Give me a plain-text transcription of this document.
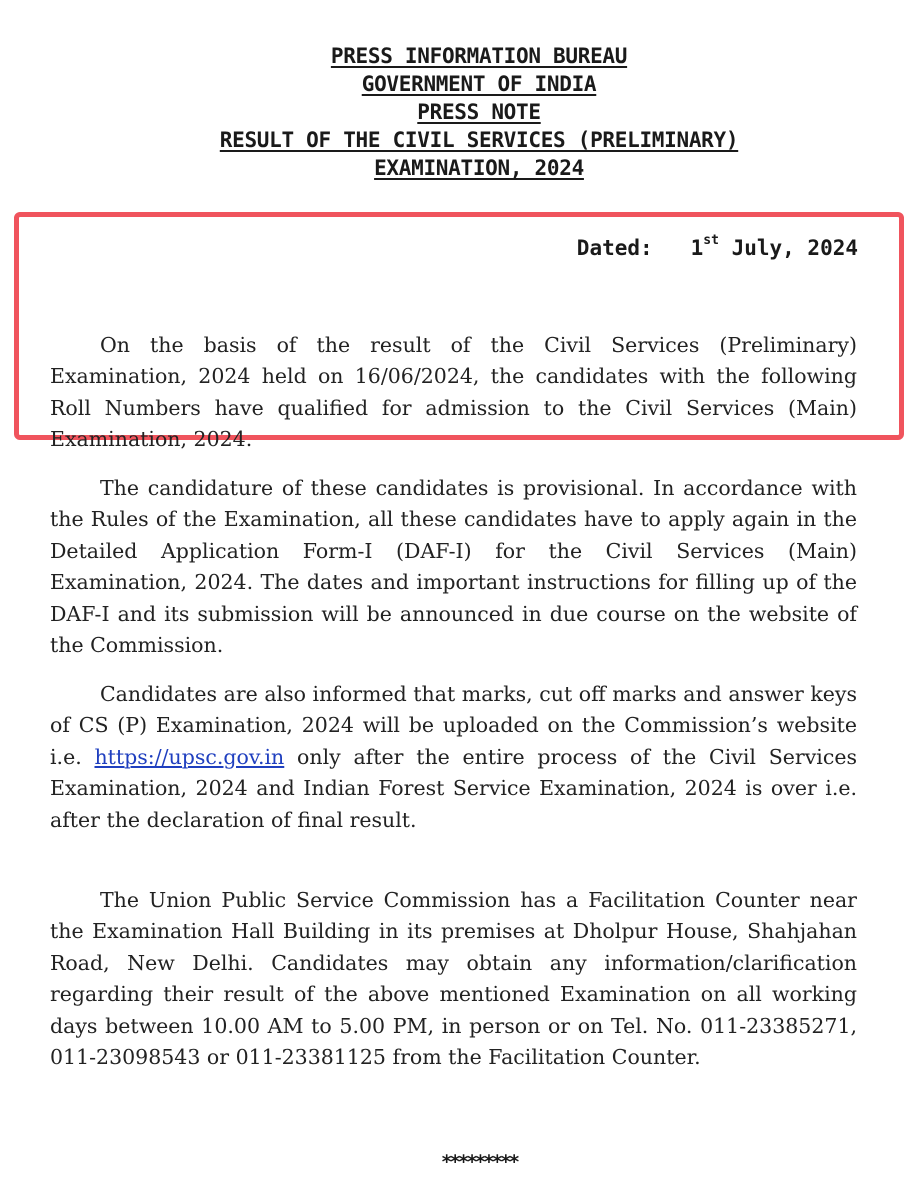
PRESS INFORMATION BUREAU
GOVERNMENT OF INDIA
PRESS NOTE
RESULT OF THE CIVIL SERVICES (PRELIMINARY)
EXAMINATION, 2024
Dated: 1st July, 2024

On the basis of the result of the Civil Services (Preliminary) Examination, 2024 held on 16/06/2024, the candidates with the following Roll Numbers have qualified for admission to the Civil Services (Main) Examination, 2024.

The candidature of these candidates is provisional. In accordance with the Rules of the Examination, all these candidates have to apply again in the Detailed Application Form-I (DAF-I) for the Civil Services (Main) Examination, 2024. The dates and important instructions for filling up of the DAF-I and its submission will be announced in due course on the website of the Commission.

Candidates are also informed that marks, cut off marks and answer keys of CS (P) Examination, 2024 will be uploaded on the Commission’s website i.e. https://upsc.gov.in only after the entire process of the Civil Services Examination, 2024 and Indian Forest Service Examination, 2024 is over i.e. after the declaration of final result.

The Union Public Service Commission has a Facilitation Counter near the Examination Hall Building in its premises at Dholpur House, Shahjahan Road, New Delhi. Candidates may obtain any information/clarification regarding their result of the above mentioned Examination on all working days between 10.00 AM to 5.00 PM, in person or on Tel. No. 011-23385271, 011-23098543 or 011-23381125 from the Facilitation Counter.

*********
